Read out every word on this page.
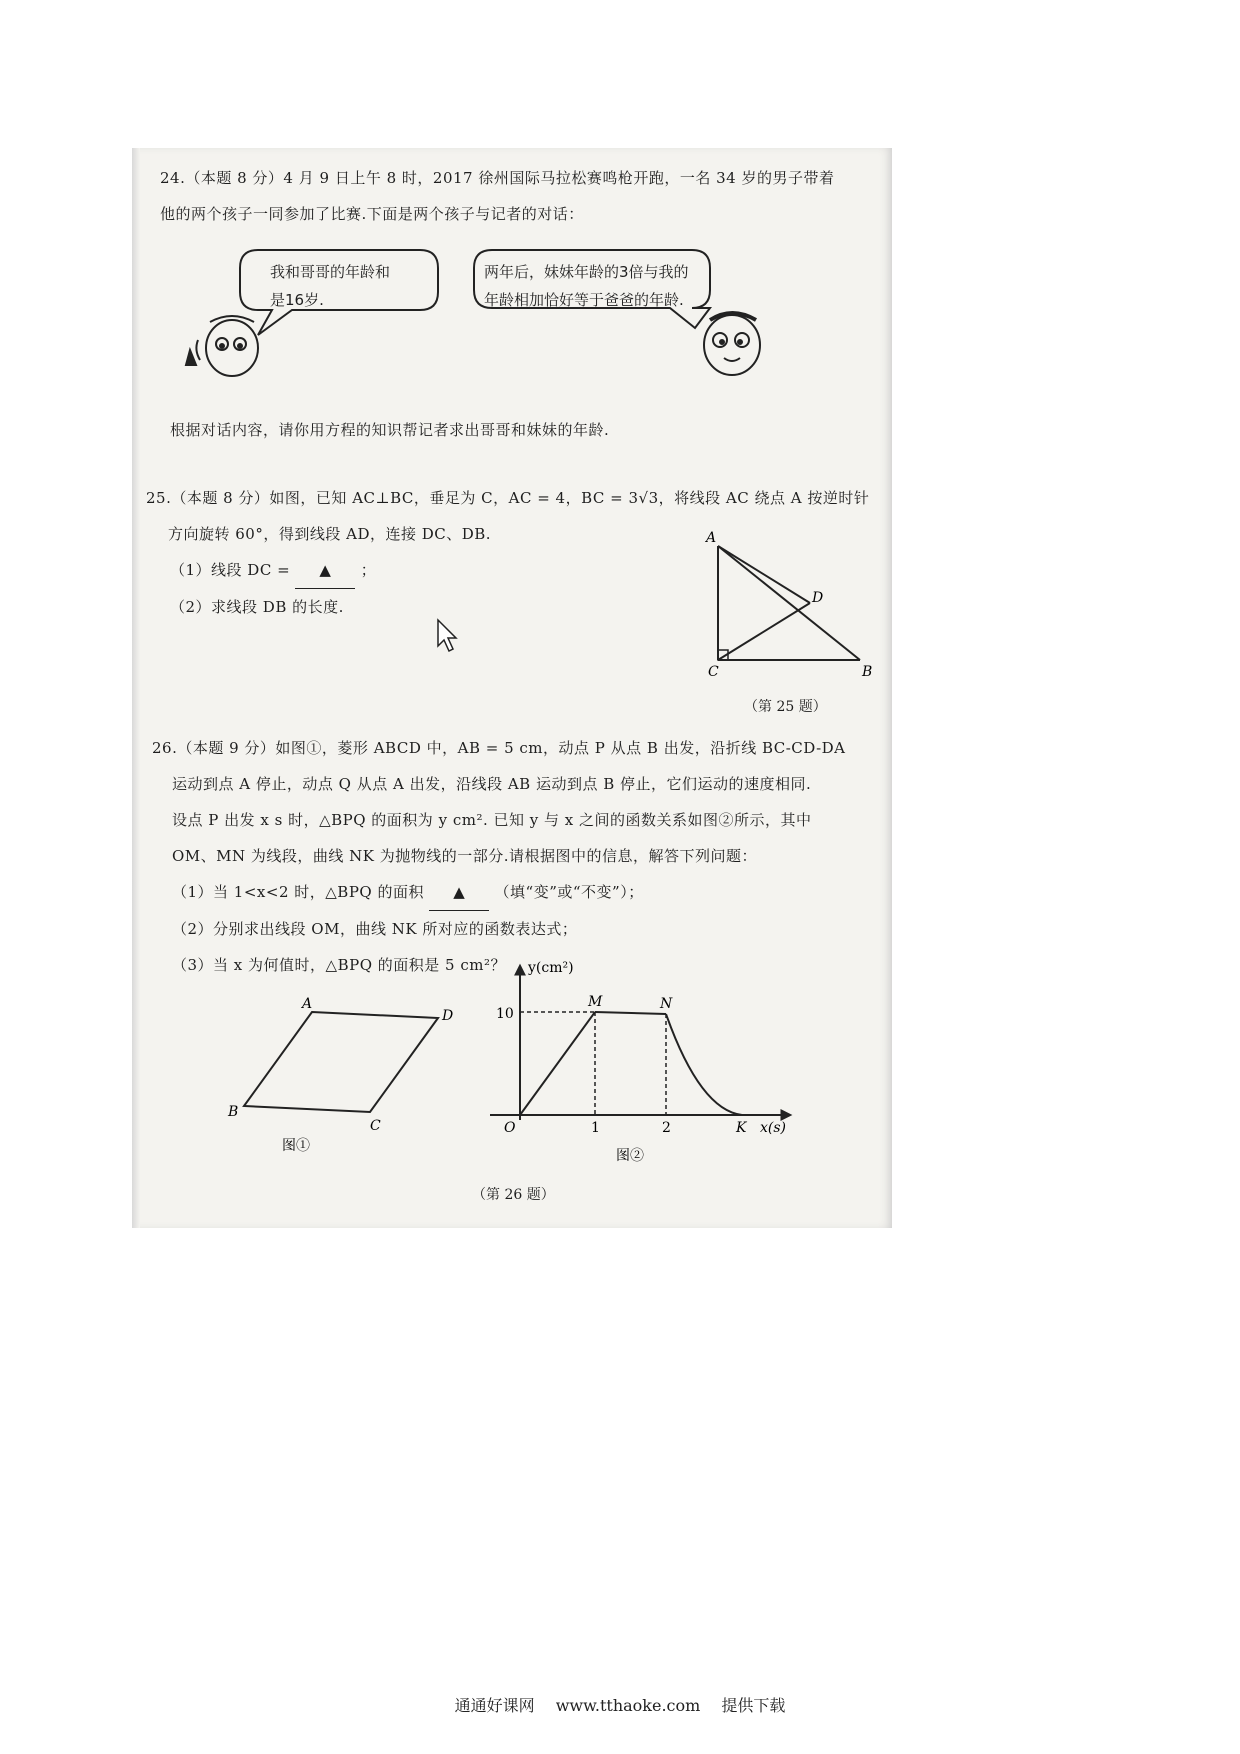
24.（本题 8 分）4 月 9 日上午 8 时，2017 徐州国际马拉松赛鸣枪开跑，一名 34 岁的男子带着

他的两个孩子一同参加了比赛.下面是两个孩子与记者的对话：

我和哥哥的年龄和
是16岁.
两年后，妹妹年龄的3倍与我的
年龄相加恰好等于爸爸的年龄.

根据对话内容，请你用方程的知识帮记者求出哥哥和妹妹的年龄.

25.（本题 8 分）如图，已知 AC⊥BC，垂足为 C，AC = 4，BC = 3√3，将线段 AC 绕点 A 按逆时针

方向旋转 60°，得到线段 AD，连接 DC、DB.

（1）线段 DC = ▲ ；

（2）求线段 DB 的长度.

A
C	B
D
（第 25 题）

26.（本题 9 分）如图①，菱形 ABCD 中，AB = 5 cm，动点 P 从点 B 出发，沿折线 BC-CD-DA

运动到点 A 停止，动点 Q 从点 A 出发，沿线段 AB 运动到点 B 停止，它们运动的速度相同.

设点 P 出发 x s 时，△BPQ 的面积为 y cm². 已知 y 与 x 之间的函数关系如图②所示，其中

OM、MN 为线段，曲线 NK 为抛物线的一部分.请根据图中的信息，解答下列问题：

（1）当 1<x<2 时，△BPQ 的面积 ▲ （填“变”或“不变”）；

（2）分别求出线段 OM，曲线 NK 所对应的函数表达式；

（3）当 x 为何值时，△BPQ 的面积是 5 cm²？

A
D
B
C
图①
y(cm²)
10
O	1	2	K x(s)
M	N
图②
（第 26 题）
通通好课网 www.tthaoke.com 提供下载
